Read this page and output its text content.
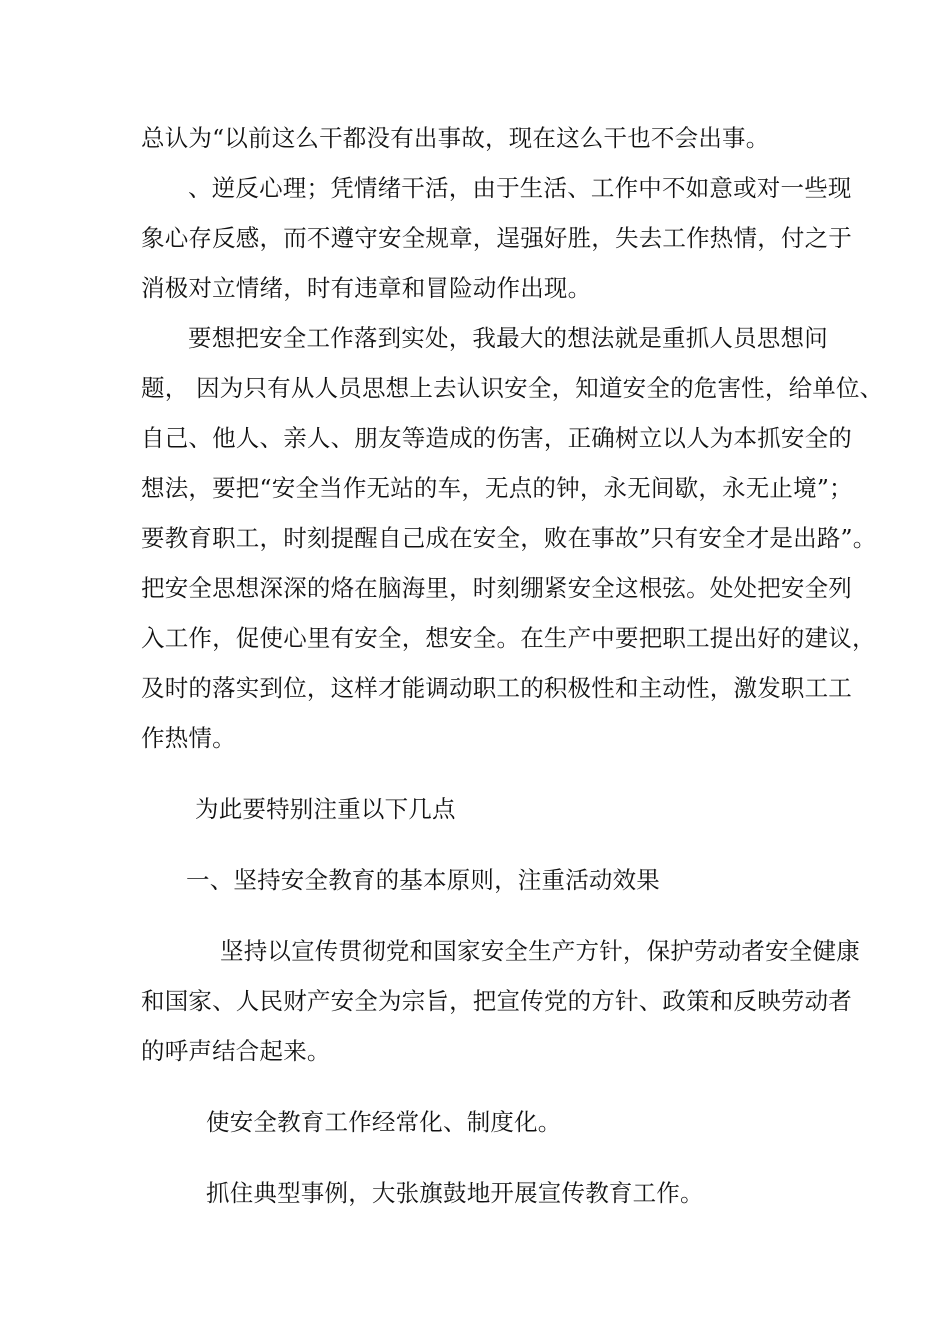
总认为“以前这么干都没有出事故，现在这么干也不会出事。

、逆反心理；凭情绪干活，由于生活、工作中不如意或对一些现

象心存反感，而不遵守安全规章，逞强好胜，失去工作热情，付之于

消极对立情绪，时有违章和冒险动作出现。

要想把安全工作落到实处，我最大的想法就是重抓人员思想问

题， 因为只有从人员思想上去认识安全，知道安全的危害性，给单位、

自己、他人、亲人、朋友等造成的伤害，正确树立以人为本抓安全的

想法，要把“安全当作无站的车，无点的钟，永无间歇，永无止境”；

要教育职工，时刻提醒自己成在安全，败在事故”只有安全才是出路”。

把安全思想深深的烙在脑海里，时刻绷紧安全这根弦。处处把安全列

入工作，促使心里有安全，想安全。在生产中要把职工提出好的建议，

及时的落实到位，这样才能调动职工的积极性和主动性，激发职工工

作热情。

为此要特别注重以下几点

一、坚持安全教育的基本原则，注重活动效果

坚持以宣传贯彻党和国家安全生产方针，保护劳动者安全健康

和国家、人民财产安全为宗旨，把宣传党的方针、政策和反映劳动者

的呼声结合起来。

使安全教育工作经常化、制度化。

抓住典型事例，大张旗鼓地开展宣传教育工作。
